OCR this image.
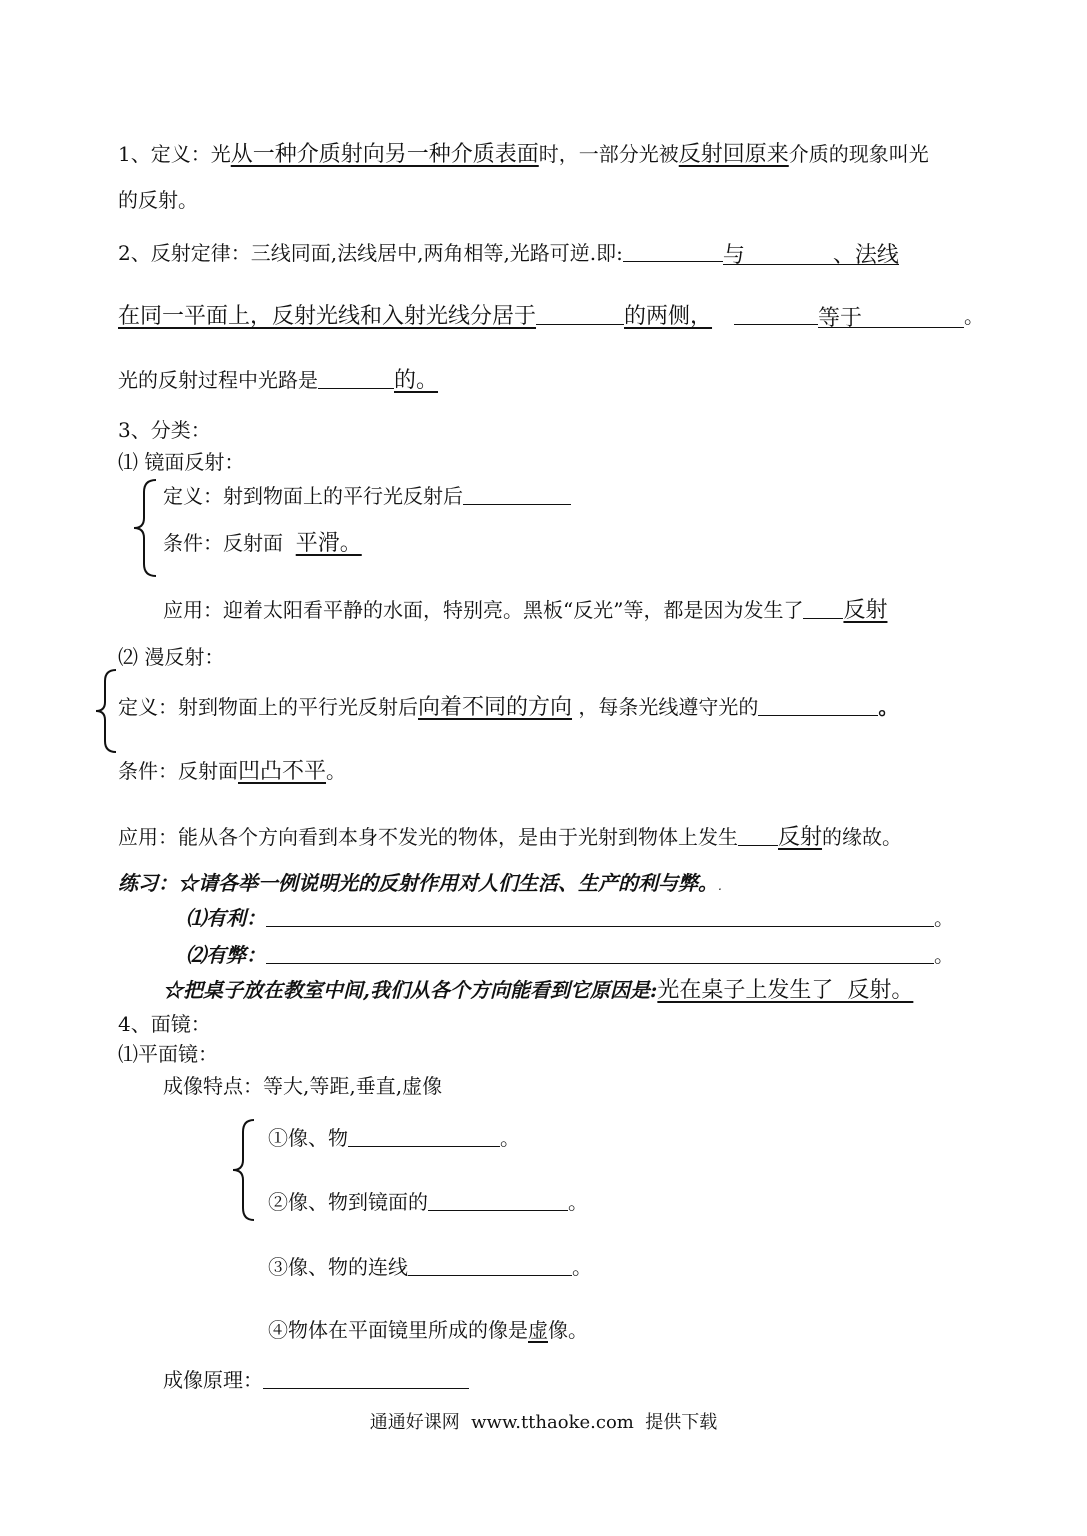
1、定义：光从一种介质射向另一种介质表面时，一部分光被反射回原来介质的现象叫光
的反射。
2、反射定律：三线同面,法线居中,两角相等,光路可逆.即:	与	、法线
在同一平面上，反射光线和入射光线分居于	的两侧，	等于	。
光的反射过程中光路是	的。
3、分类：
⑴ 镜面反射：
定义：射到物面上的平行光反射后
条件：反射面 平滑。
应用：迎着太阳看平静的水面，特别亮。黑板“反光”等，都是因为发生了 反射
⑵ 漫反射：
定义：射到物面上的平行光反射后向着不同的方向 ，每条光线遵守光的	。
条件：反射面凹凸不平。
应用：能从各个方向看到本身不发光的物体，是由于光射到物体上发生 反射的缘故。
练习：☆请各举一例说明光的反射作用对人们生活、生产的利与弊。.
⑴有利：	。
⑵有弊：	。
☆把桌子放在教室中间,我们从各个方向能看到它原因是:光在桌子上发生了  反射。
4、面镜：
⑴平面镜：
成像特点：等大,等距,垂直,虚像
①像、物	。
②像、物到镜面的	。
③像、物的连线	。
④物体在平面镜里所成的像是虚像。
成像原理：
通通好课网  www.tthaoke.com  提供下载
